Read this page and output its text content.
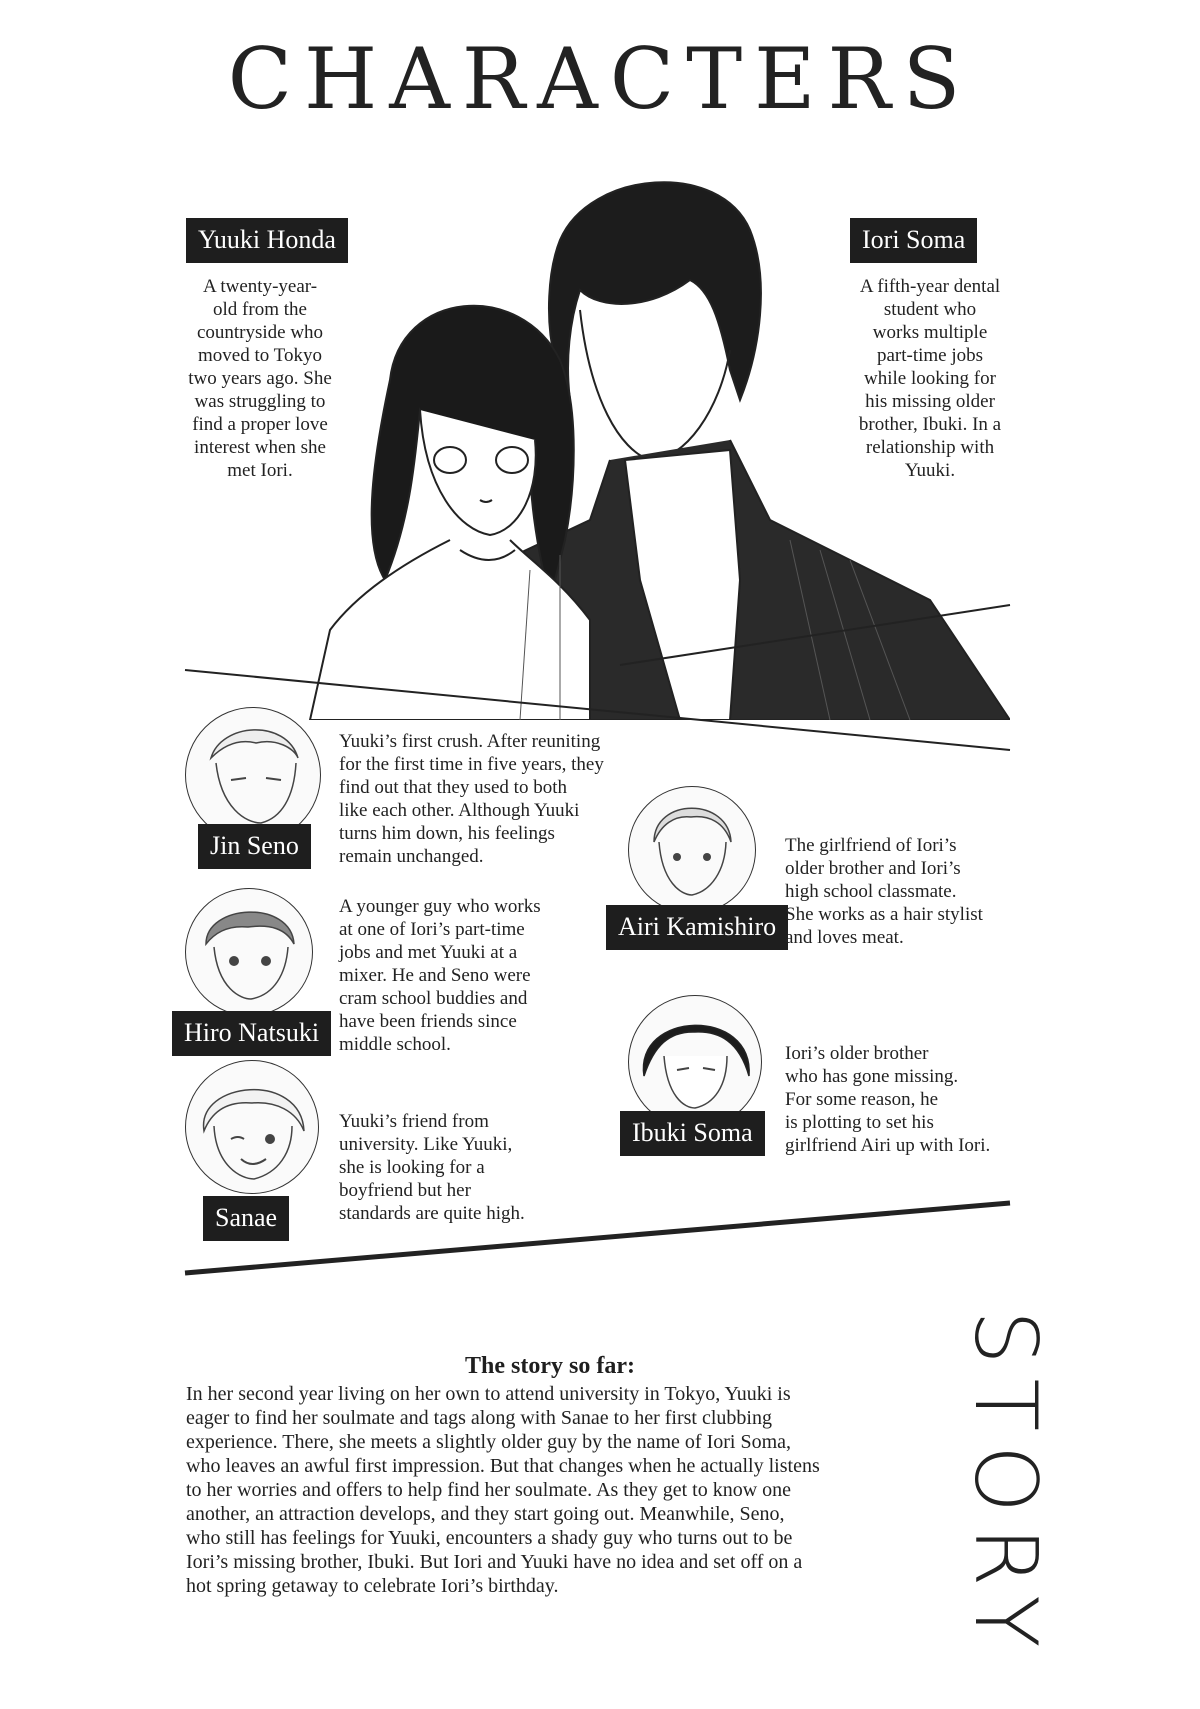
CHARACTERS
Yuuki Honda
A twenty-year-
old from the
countryside who
moved to Tokyo
two years ago. She
was struggling to
find a proper love
interest when she
met Iori.
Iori Soma
A fifth-year dental
student who
works multiple
part-time jobs
while looking for
his missing older
brother, Ibuki. In a
relationship with
Yuuki.
Jin Seno
Hiro Natsuki
Sanae
Airi Kamishiro
Ibuki Soma
Yuuki’s first crush. After reuniting
for the first time in five years, they
find out that they used to both
like each other. Although Yuuki
turns him down, his feelings
remain unchanged.
A younger guy who works
at one of Iori’s part-time
jobs and met Yuuki at a
mixer. He and Seno were
cram school buddies and
have been friends since
middle school.
Yuuki’s friend from
university. Like Yuuki,
she is looking for a
boyfriend but her
standards are quite high.
The girlfriend of Iori’s
older brother and Iori’s
high school classmate.
She works as a hair stylist
and loves meat.
Iori’s older brother
who has gone missing.
For some reason, he
is plotting to set his
girlfriend Airi up with Iori.
The story so far:
In her second year living on her own to attend university in Tokyo, Yuuki is
eager to find her soulmate and tags along with Sanae to her first clubbing
experience. There, she meets a slightly older guy by the name of Iori Soma,
who leaves an awful first impression. But that changes when he actually listens
to her worries and offers to help find her soulmate. As they get to know one
another, an attraction develops, and they start going out. Meanwhile, Seno,
who still has feelings for Yuuki, encounters a shady guy who turns out to be
Iori’s missing brother, Ibuki. But Iori and Yuuki have no idea and set off on a
hot spring getaway to celebrate Iori’s birthday.	STORY
